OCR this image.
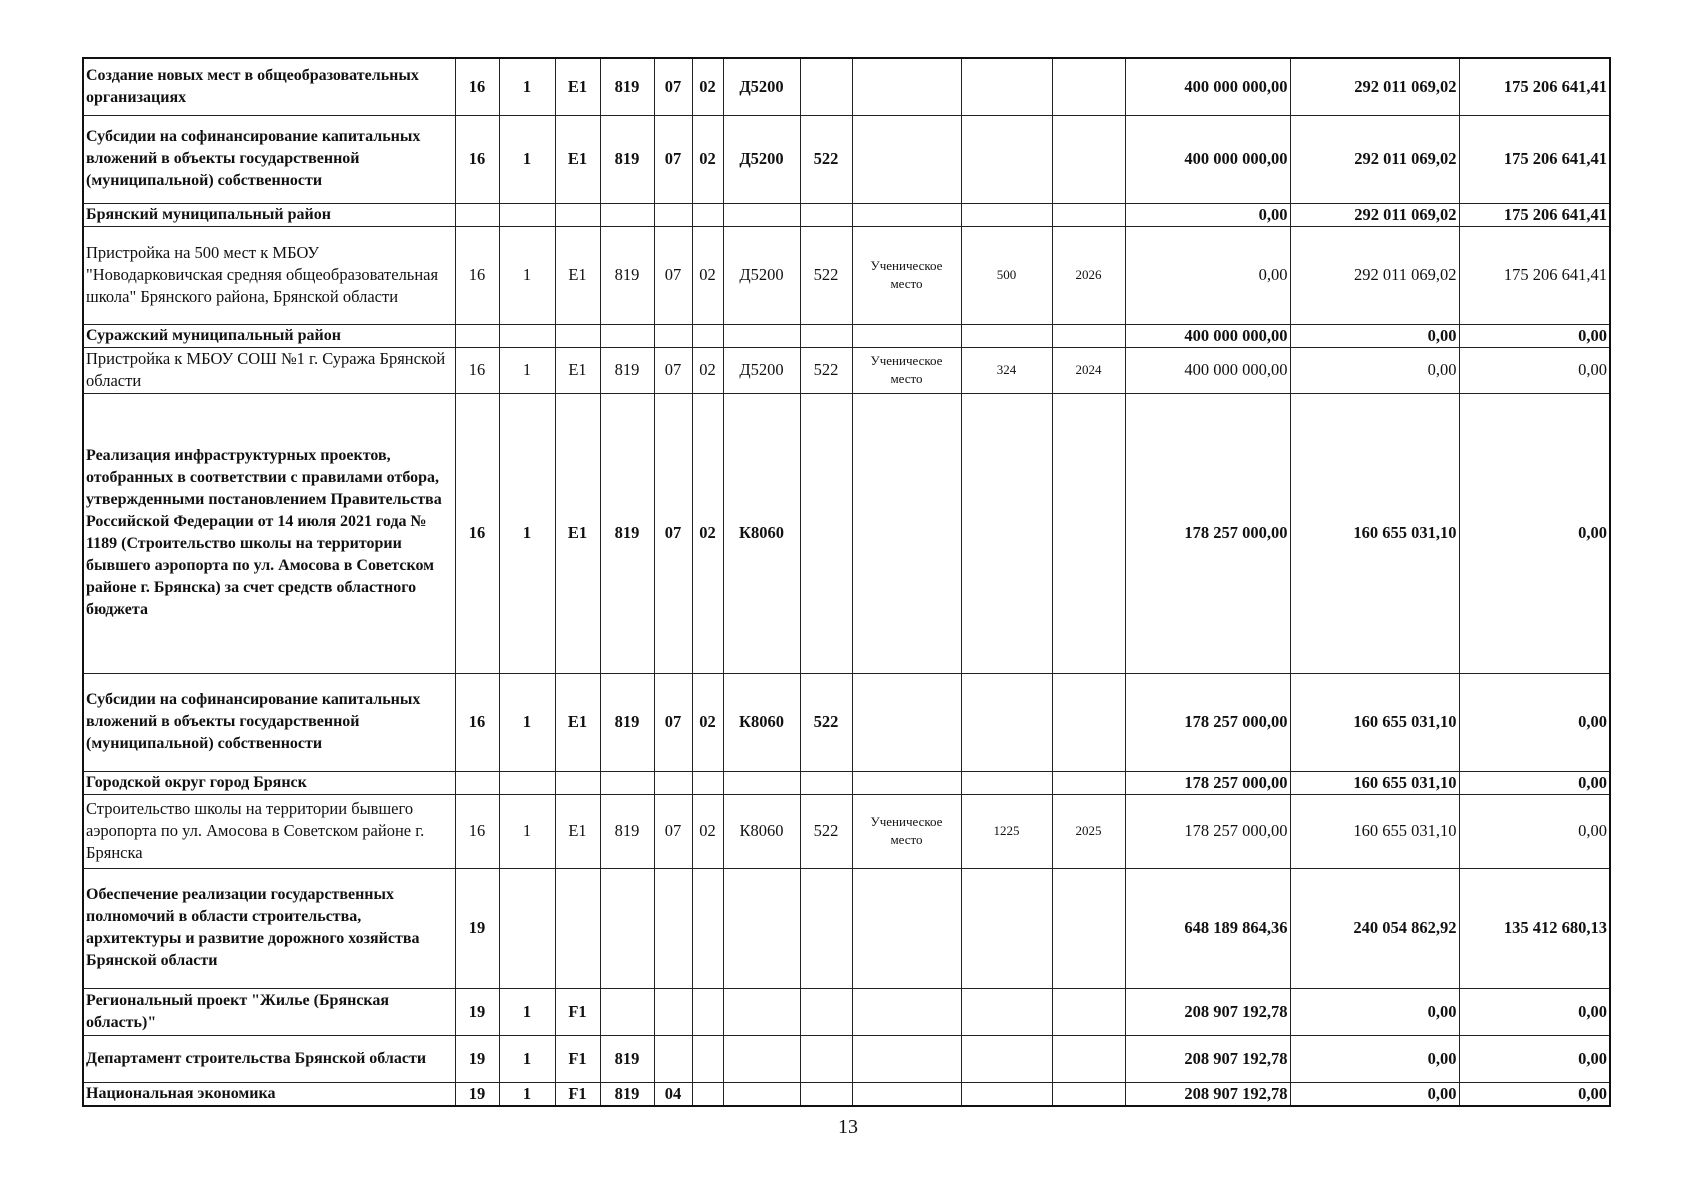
Создание новых мест в общеобразовательных организациях	16	1	Е1	819	07	02	Д5200					400 000 000,00	292 011 069,02	175 206 641,41
Субсидии на софинансирование капитальных вложений в объекты государственной (муниципальной) собственности	16	1	Е1	819	07	02	Д5200	522				400 000 000,00	292 011 069,02	175 206 641,41
Брянский муниципальный район												0,00	292 011 069,02	175 206 641,41
Пристройка на 500 мест к МБОУ "Новодарковичская средняя общеобразовательная школа" Брянского района, Брянской области	16	1	Е1	819	07	02	Д5200	522	Ученическое место	500	2026	0,00	292 011 069,02	175 206 641,41
Суражский муниципальный район												400 000 000,00	0,00	0,00
Пристройка к МБОУ СОШ №1 г. Суража Брянской области	16	1	Е1	819	07	02	Д5200	522	Ученическое место	324	2024	400 000 000,00	0,00	0,00
Реализация инфраструктурных проектов, отобранных в соответствии с правилами отбора, утвержденными постановлением Правительства Российской Федерации от 14 июля 2021 года № 1189 (Строительство школы на территории бывшего аэропорта по ул. Амосова в Советском районе г. Брянска) за счет средств областного бюджета	16	1	Е1	819	07	02	К8060					178 257 000,00	160 655 031,10	0,00
Субсидии на софинансирование капитальных вложений в объекты государственной (муниципальной) собственности	16	1	Е1	819	07	02	К8060	522				178 257 000,00	160 655 031,10	0,00
Городской округ город Брянск												178 257 000,00	160 655 031,10	0,00
Строительство школы на территории бывшего аэропорта по ул. Амосова в Советском районе г. Брянска	16	1	Е1	819	07	02	К8060	522	Ученическое место	1225	2025	178 257 000,00	160 655 031,10	0,00
Обеспечение реализации государственных полномочий в области строительства, архитектуры и развитие дорожного хозяйства Брянской области	19											648 189 864,36	240 054 862,92	135 412 680,13
Региональный проект "Жилье (Брянская область)"	19	1	F1									208 907 192,78	0,00	0,00
Департамент строительства Брянской области	19	1	F1	819								208 907 192,78	0,00	0,00
Национальная экономика	19	1	F1	819	04							208 907 192,78	0,00	0,00
13
